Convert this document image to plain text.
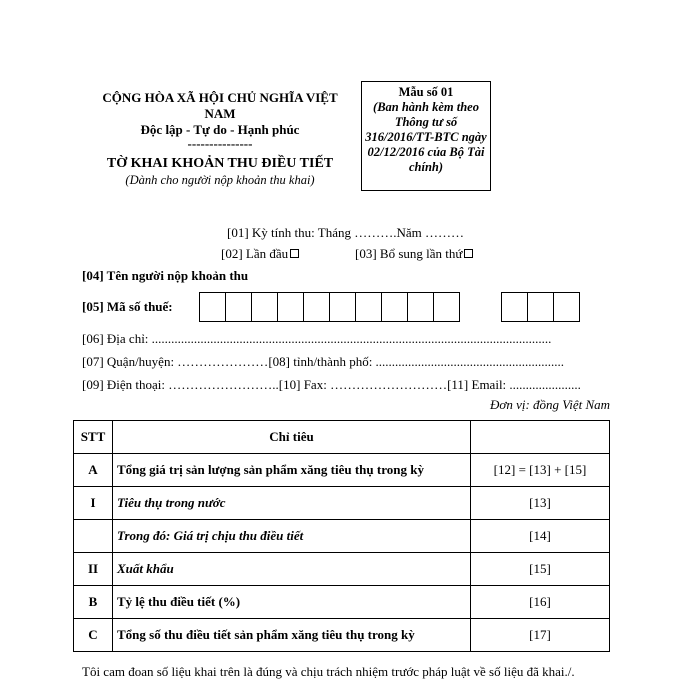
CỘNG HÒA XÃ HỘI CHỦ NGHĨA VIỆT NAM
Độc lập - Tự do - Hạnh phúc
---------------
TỜ KHAI KHOẢN THU ĐIỀU TIẾT
(Dành cho người nộp khoản thu khai)
Mẫu số 01
(Ban hành kèm theo Thông tư số 316/2016/TT-BTC ngày 02/12/2016 của Bộ Tài chính)
[01] Kỳ tính thu: Tháng ……….Năm ………
[02] Lần đầu	[03] Bổ sung lần thứ
[04] Tên người nộp khoản thu
[05] Mã số thuế:
[06] Địa chỉ: ...........................................................................................................................
[07] Quận/huyện: …………………[08] tỉnh/thành phố: ..........................................................
[09] Điện thoại: ……………………..[10] Fax: ………………………[11] Email: ......................
Đơn vị: đồng Việt Nam
STT	Chỉ tiêu	
A	Tổng giá trị sản lượng sản phẩm xăng tiêu thụ trong kỳ	[12] = [13] + [15]
I	Tiêu thụ trong nước	[13]
	Trong đó: Giá trị chịu thu điều tiết	[14]
II	Xuất khẩu	[15]
B	Tỷ lệ thu điều tiết (%)	[16]
C	Tổng số thu điều tiết sản phẩm xăng tiêu thụ trong kỳ	[17]
Tôi cam đoan số liệu khai trên là đúng và chịu trách nhiệm trước pháp luật về số liệu đã khai./.
